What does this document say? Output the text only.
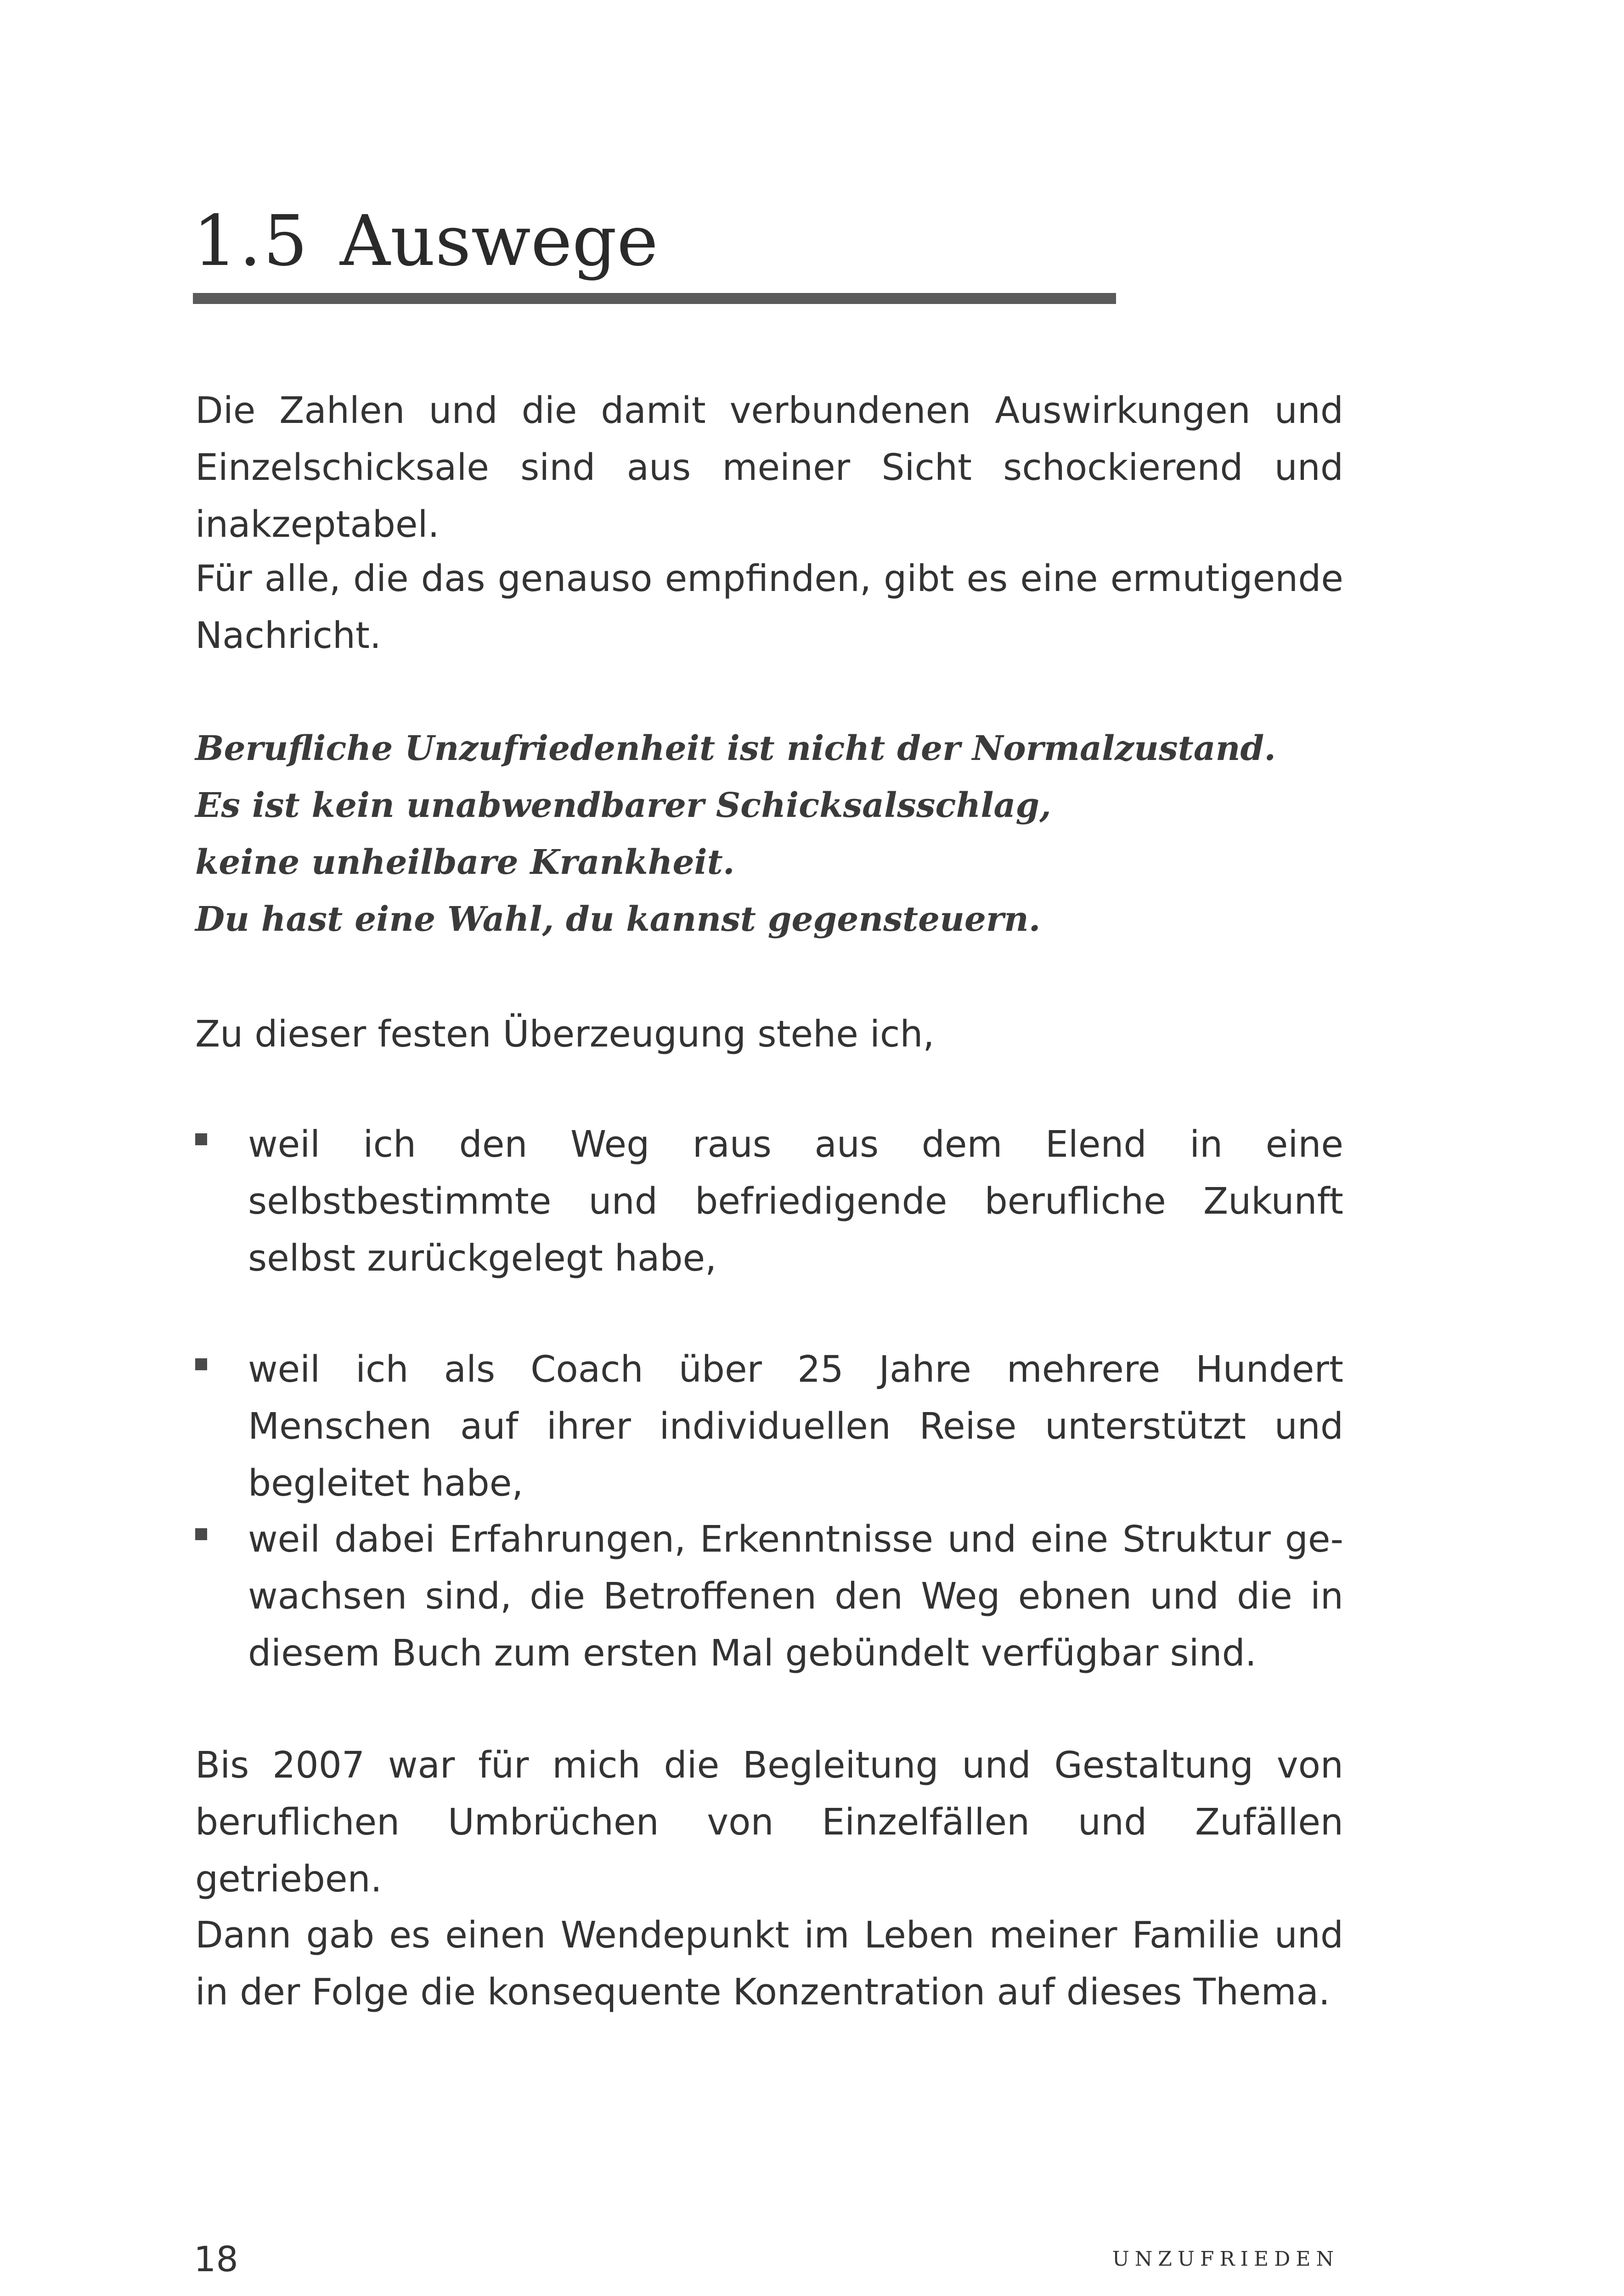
1.5 Auswege

Die Zahlen und die damit verbundenen Auswirkungen und Einzelschicksale sind aus meiner Sicht schockierend und inakzeptabel.

Für alle, die das genauso empfinden, gibt es eine ermutigende Nachricht.

Berufliche Unzufriedenheit ist nicht der Normalzustand.

Es ist kein unabwendbarer Schicksalsschlag,

keine unheilbare Krankheit.

Du hast eine Wahl, du kannst gegensteuern.

Zu dieser festen Überzeugung stehe ich,

weil ich den Weg raus aus dem Elend in eine selbstbestimmte und befriedigende berufliche Zukunft selbst zurückgelegt habe,
weil ich als Coach über 25 Jahre mehrere Hundert Menschen auf ihrer individuellen Reise unterstützt und begleitet habe,
weil dabei Erfahrungen, Erkenntnisse und eine Struktur gewachsen sind, die Betroffenen den Weg ebnen und die in diesem Buch zum ersten Mal gebündelt verfügbar sind.

Bis 2007 war für mich die Begleitung und Gestaltung von beruflichen Umbrüchen von Einzelfällen und Zufällen getrieben.

Dann gab es einen Wendepunkt im Leben meiner Familie und in der Folge die konsequente Konzentration auf dieses Thema.

18	UNZUFRIEDEN
